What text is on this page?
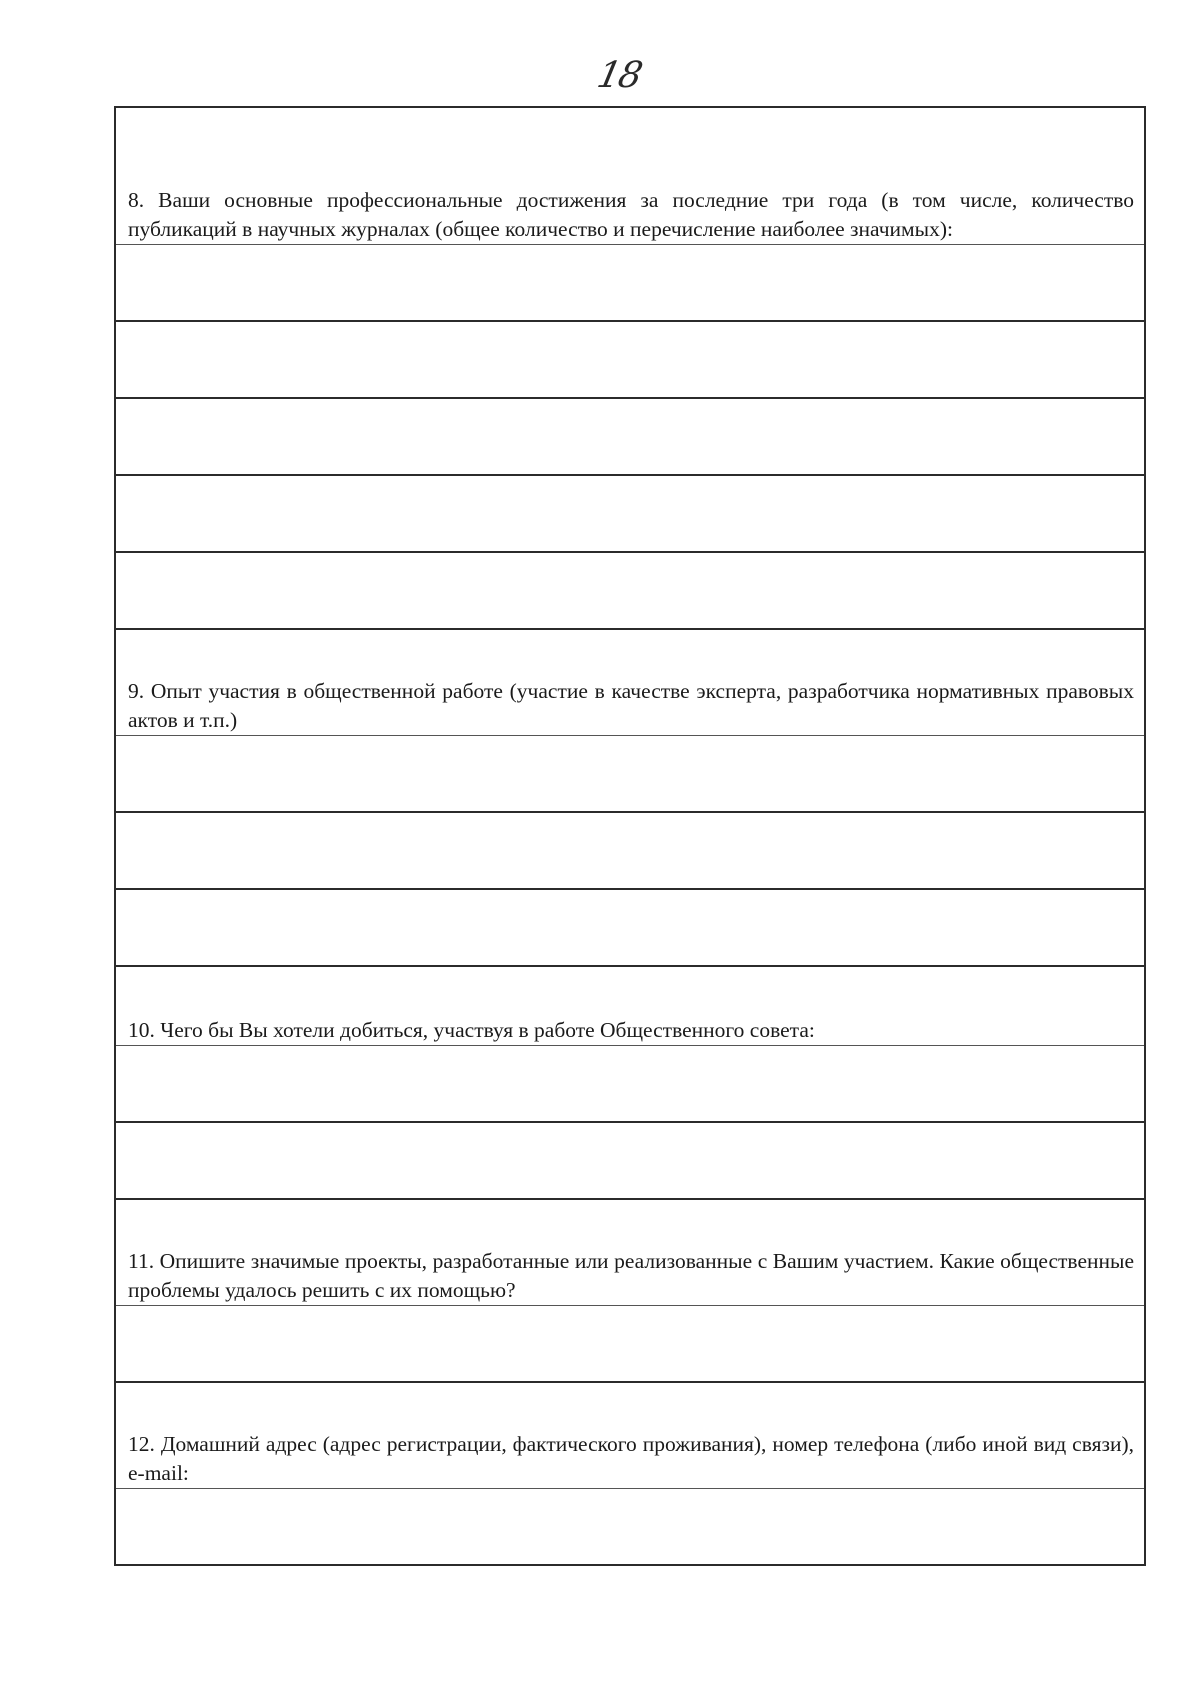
18

8. Ваши основные профессиональные достижения за последние три года (в том числе, количество публикаций в научных журналах (общее количество и перечисление наиболее значимых):

9. Опыт участия в общественной работе (участие в качестве эксперта, разработчика нормативных правовых актов и т.п.)

10. Чего бы Вы хотели добиться, участвуя в работе Общественного совета:

11. Опишите значимые проекты, разработанные или реализованные с Вашим участием. Какие общественные проблемы удалось решить с их помощью?

12. Домашний адрес (адрес регистрации, фактического проживания), номер телефона (либо иной вид связи), e-mail:
